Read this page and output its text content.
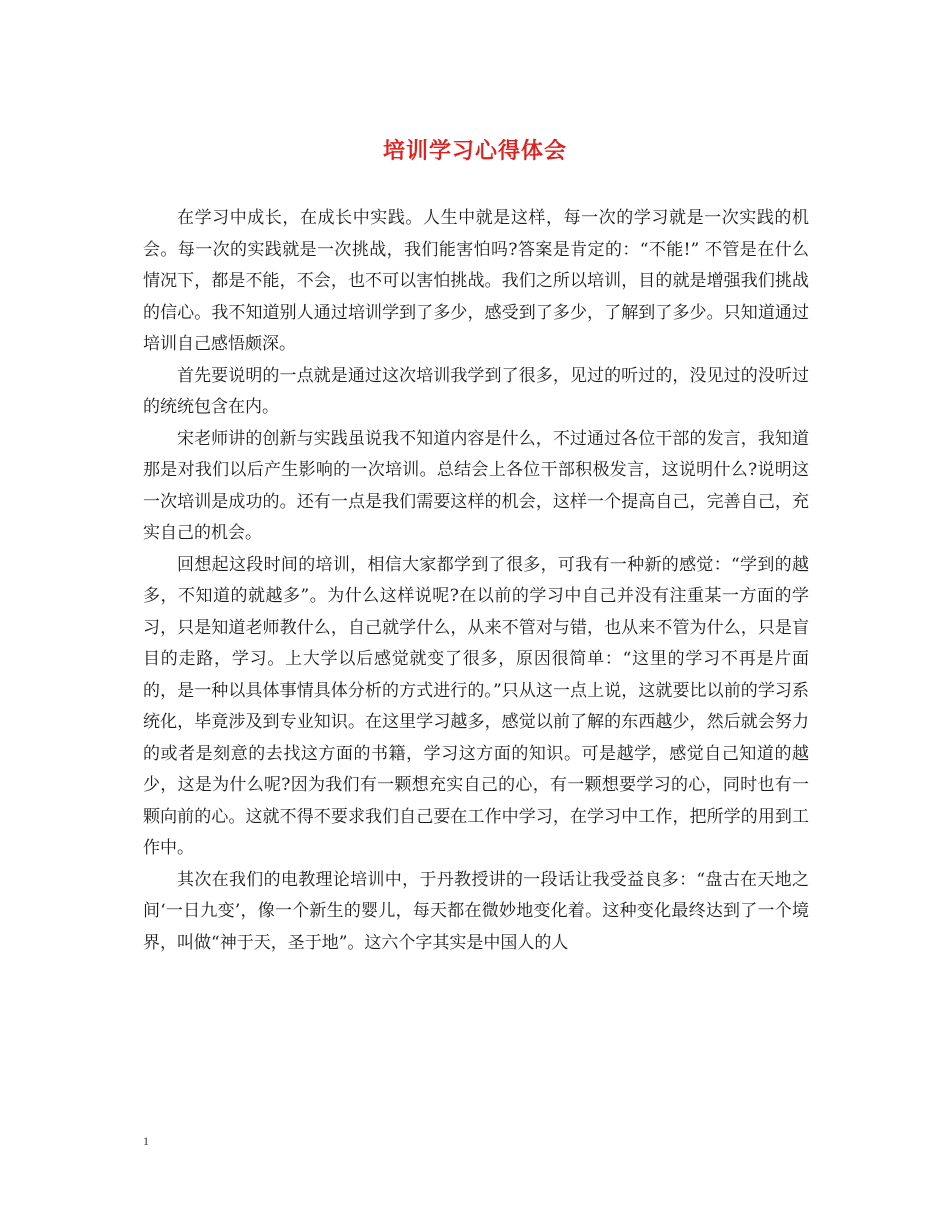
培训学习心得体会

在学习中成长，在成长中实践。人生中就是这样，每一次的学习就是一次实践的机会。每一次的实践就是一次挑战，我们能害怕吗?答案是肯定的：“不能!” 不管是在什么情况下，都是不能，不会，也不可以害怕挑战。我们之所以培训，目的就是增强我们挑战的信心。我不知道别人通过培训学到了多少，感受到了多少，了解到了多少。只知道通过培训自己感悟颇深。

首先要说明的一点就是通过这次培训我学到了很多，见过的听过的，没见过的没听过的统统包含在内。

宋老师讲的创新与实践虽说我不知道内容是什么，不过通过各位干部的发言，我知道那是对我们以后产生影响的一次培训。总结会上各位干部积极发言，这说明什么?说明这一次培训是成功的。还有一点是我们需要这样的机会，这样一个提高自己，完善自己，充实自己的机会。

回想起这段时间的培训，相信大家都学到了很多，可我有一种新的感觉：“学到的越多，不知道的就越多”。为什么这样说呢?在以前的学习中自己并没有注重某一方面的学习，只是知道老师教什么，自己就学什么，从来不管对与错，也从来不管为什么，只是盲目的走路，学习。上大学以后感觉就变了很多，原因很简单：“这里的学习不再是片面的，是一种以具体事情具体分析的方式进行的。”只从这一点上说，这就要比以前的学习系统化，毕竟涉及到专业知识。在这里学习越多，感觉以前了解的东西越少，然后就会努力的或者是刻意的去找这方面的书籍，学习这方面的知识。可是越学，感觉自己知道的越少，这是为什么呢?因为我们有一颗想充实自己的心，有一颗想要学习的心，同时也有一颗向前的心。这就不得不要求我们自己要在工作中学习，在学习中工作，把所学的用到工作中。

其次在我们的电教理论培训中，于丹教授讲的一段话让我受益良多：“盘古在天地之间‘一日九变’，像一个新生的婴儿，每天都在微妙地变化着。这种变化最终达到了一个境界，叫做“神于天，圣于地”。这六个字其实是中国人的人

1
